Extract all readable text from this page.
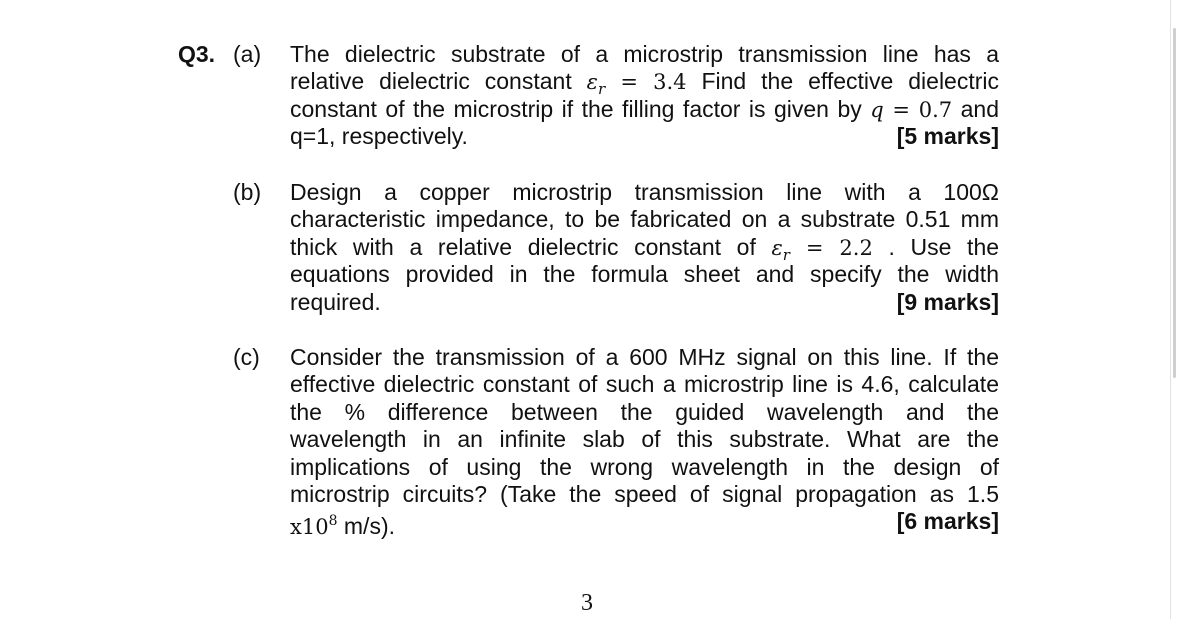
Q3. (a) The dielectric substrate of a microstrip transmission line has a
relative dielectric constant $\varepsilon_r = 3.4$ Find the effective dielectric
constant of the microstrip if the filling factor is given by q = 0.7 and
q=1, respectively.	[5 marks]
(b) Design a copper microstrip transmission line with a 100Ω
characteristic impedance, to be fabricated on a substrate 0.51 mm
thick with a relative dielectric constant of $\varepsilon_r = 2.2$ . Use the
equations provided in the formula sheet and specify the width
required.	[9 marks]
(c) Consider the transmission of a 600 MHz signal on this line. If the
effective dielectric constant of such a microstrip line is 4.6, calculate
the % difference between the guided wavelength and the
wavelength in an infinite slab of this substrate. What are the
implications of using the wrong wavelength in the design of
microstrip circuits? (Take the speed of signal propagation as 1.5
$x10^8$ m/s).	[6 marks]
3
